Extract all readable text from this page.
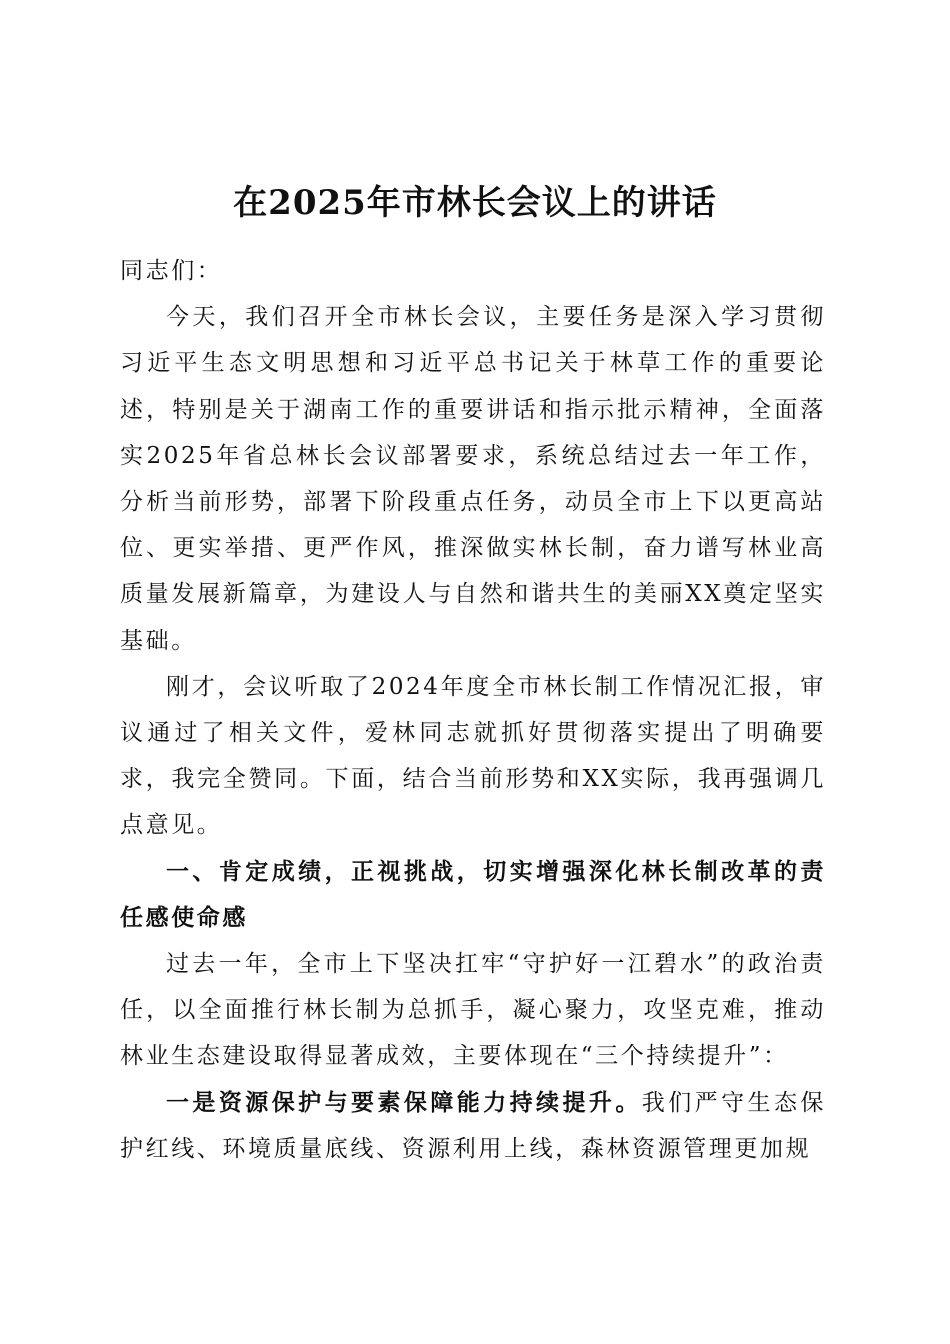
在2025年市林长会议上的讲话

同志们：

今天，我们召开全市林长会议，主要任务是深入学习贯彻习近平生态文明思想和习近平总书记关于林草工作的重要论述，特别是关于湖南工作的重要讲话和指示批示精神，全面落实2025年省总林长会议部署要求，系统总结过去一年工作，分析当前形势，部署下阶段重点任务，动员全市上下以更高站位、更实举措、更严作风，推深做实林长制，奋力谱写林业高质量发展新篇章，为建设人与自然和谐共生的美丽XX奠定坚实基础。

刚才，会议听取了2024年度全市林长制工作情况汇报，审议通过了相关文件，爱林同志就抓好贯彻落实提出了明确要求，我完全赞同。下面，结合当前形势和XX实际，我再强调几点意见。

一、肯定成绩，正视挑战，切实增强深化林长制改革的责任感使命感

过去一年，全市上下坚决扛牢“守护好一江碧水”的政治责任，以全面推行林长制为总抓手，凝心聚力，攻坚克难，推动林业生态建设取得显著成效，主要体现在“三个持续提升”：

一是资源保护与要素保障能力持续提升。我们严守生态保护红线、环境质量底线、资源利用上线，森林资源管理更加规
